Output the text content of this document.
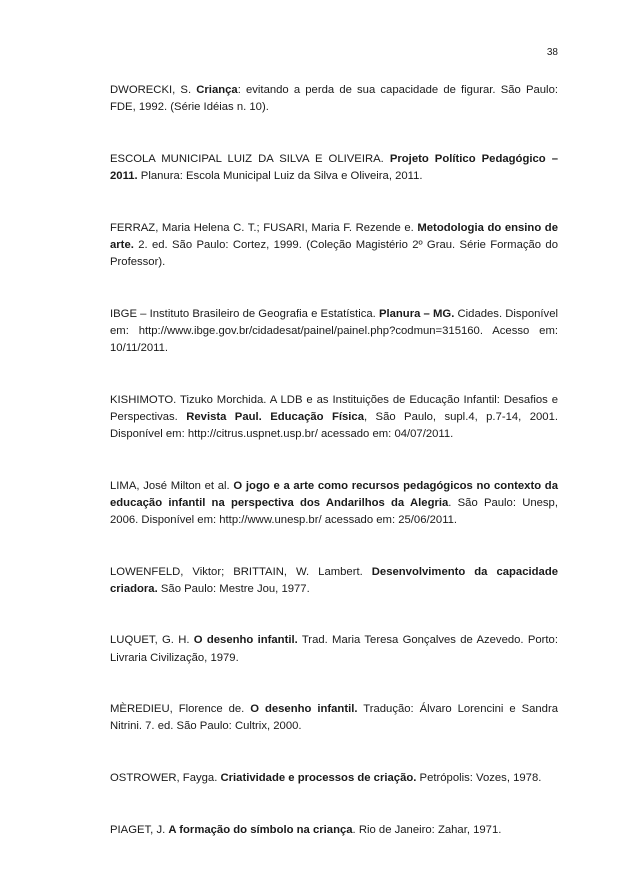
38

DWORECKI, S. Criança: evitando a perda de sua capacidade de figurar. São Paulo: FDE, 1992. (Série Idéias n. 10).

ESCOLA MUNICIPAL LUIZ DA SILVA E OLIVEIRA. Projeto Político Pedagógico – 2011. Planura: Escola Municipal Luiz da Silva e Oliveira, 2011.

FERRAZ, Maria Helena C. T.; FUSARI, Maria F. Rezende e. Metodologia do ensino de arte. 2. ed. São Paulo: Cortez, 1999. (Coleção Magistério 2º Grau. Série Formação do Professor).

IBGE – Instituto Brasileiro de Geografia e Estatística. Planura – MG. Cidades. Disponível em: http://www.ibge.gov.br/cidadesat/painel/painel.php?codmun=315160. Acesso em: 10/11/2011.

KISHIMOTO. Tizuko Morchida. A LDB e as Instituições de Educação Infantil: Desafios e Perspectivas. Revista Paul. Educação Física, São Paulo, supl.4, p.7-14, 2001. Disponível em: http://citrus.uspnet.usp.br/ acessado em: 04/07/2011.

LIMA, José Milton et al. O jogo e a arte como recursos pedagógicos no contexto da educação infantil na perspectiva dos Andarilhos da Alegria. São Paulo: Unesp, 2006. Disponível em: http://www.unesp.br/ acessado em: 25/06/2011.

LOWENFELD, Viktor; BRITTAIN, W. Lambert. Desenvolvimento da capacidade criadora. São Paulo: Mestre Jou, 1977.

LUQUET, G. H. O desenho infantil. Trad. Maria Teresa Gonçalves de Azevedo. Porto: Livraria Civilização, 1979.

MÈREDIEU, Florence de. O desenho infantil. Tradução: Álvaro Lorencini e Sandra Nitrini. 7. ed. São Paulo: Cultrix, 2000.

OSTROWER, Fayga. Criatividade e processos de criação. Petrópolis: Vozes, 1978.

PIAGET, J. A formação do símbolo na criança. Rio de Janeiro: Zahar, 1971.
